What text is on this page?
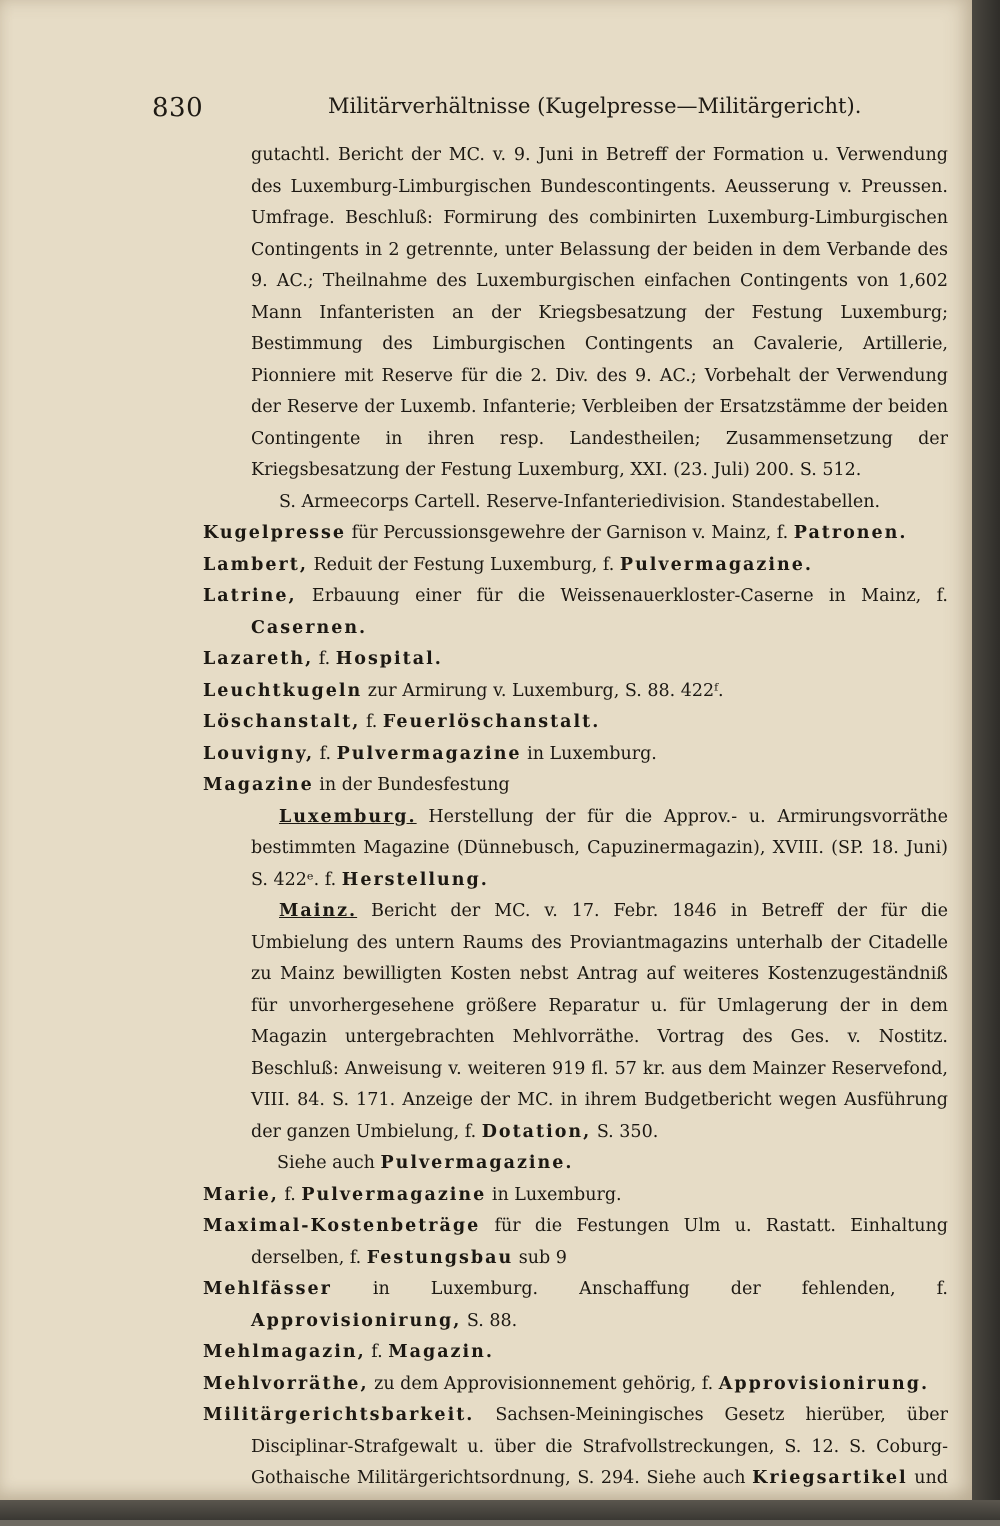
830	Militärverhältnisse (Kugelpresse—Militärgericht).

gutachtl. Bericht der MC. v. 9. Juni in Betreff der Formation u. Verwendung des Luxemburg-Limburgischen Bundescontingents. Aeusserung v. Preussen. Umfrage. Beschluß: Formirung des combinirten Luxemburg-Limburgischen Contingents in 2 getrennte, unter Belassung der beiden in dem Verbande des 9. AC.; Theilnahme des Luxemburgischen einfachen Contingents von 1,602 Mann Infanteristen an der Kriegsbesatzung der Festung Luxemburg; Bestimmung des Limburgischen Contingents an Cavalerie, Artillerie, Pionniere mit Reserve für die 2. Div. des 9. AC.; Vorbehalt der Verwendung der Reserve der Luxemb. Infanterie; Verbleiben der Ersatzstämme der beiden Contingente in ihren resp. Landestheilen; Zusammensetzung der Kriegsbesatzung der Festung Luxemburg, XXI. (23. Juli) 200. S. 512.

S. Armeecorps Cartell. Reserve-Infanteriedivision. Standestabellen.

Kugelpresse für Percussionsgewehre der Garnison v. Mainz, f. Patronen.

Lambert, Reduit der Festung Luxemburg, f. Pulvermagazine.

Latrine, Erbauung einer für die Weissenauerkloster-Caserne in Mainz, f. Casernen.

Lazareth, f. Hospital.

Leuchtkugeln zur Armirung v. Luxemburg, S. 88. 422ᶠ.

Löschanstalt, f. Feuerlöschanstalt.

Louvigny, f. Pulvermagazine in Luxemburg.

Magazine in der Bundesfestung

Luxemburg. Herstellung der für die Approv.- u. Armirungsvorräthe bestimmten Magazine (Dünnebusch, Capuzinermagazin), XVIII. (SP. 18. Juni) S. 422ᵉ. f. Herstellung.

Mainz. Bericht der MC. v. 17. Febr. 1846 in Betreff der für die Umbielung des untern Raums des Proviantmagazins unterhalb der Citadelle zu Mainz bewilligten Kosten nebst Antrag auf weiteres Kostenzugeständniß für unvorhergesehene größere Reparatur u. für Umlagerung der in dem Magazin untergebrachten Mehlvorräthe. Vortrag des Ges. v. Nostitz. Beschluß: Anweisung v. weiteren 919 fl. 57 kr. aus dem Mainzer Reservefond, VIII. 84. S. 171. Anzeige der MC. in ihrem Budgetbericht wegen Ausführung der ganzen Umbielung, f. Dotation, S. 350.

Siehe auch Pulvermagazine.

Marie, f. Pulvermagazine in Luxemburg.

Maximal-Kostenbeträge für die Festungen Ulm u. Rastatt. Einhaltung derselben, f. Festungsbau sub 9

Mehlfässer in Luxemburg. Anschaffung der fehlenden, f. Approvisionirung, S. 88.

Mehlmagazin, f. Magazin.

Mehlvorräthe, zu dem Approvisionnement gehörig, f. Approvisionirung.

Militärgerichtsbarkeit. Sachsen-Meiningisches Gesetz hierüber, über Disciplinar-Strafgewalt u. über die Strafvollstreckungen, S. 12. S. Coburg-Gothaische Militärgerichtsordnung, S. 294. Siehe auch Kriegsartikel und
